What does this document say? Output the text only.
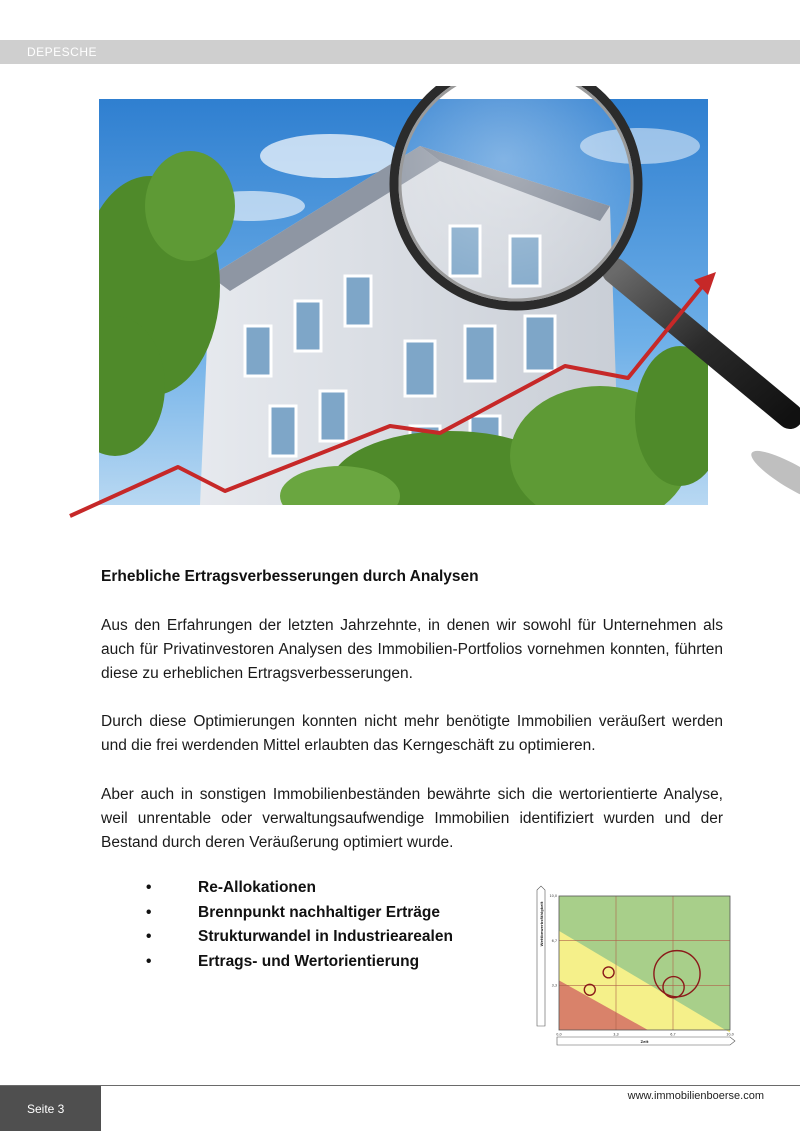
DEPESCHE
Erhebliche Ertragsverbesserungen durch Analysen

Aus den Erfahrungen der letzten Jahrzehnte, in denen wir sowohl für Unternehmen als auch für Privatinvestoren Analysen des Immobilien-Portfolios vornehmen konnten, führten diese zu erheblichen Ertragsverbesserungen.

Durch diese Optimierungen konnten nicht mehr benötigte Immobilien veräußert werden und die frei werdenden Mittel erlaubten das Kerngeschäft zu optimieren.

Aber auch in sonstigen Immobilienbeständen bewährte sich die wertorientierte Analyse, weil unrentable oder verwaltungsaufwendige Immobilien identifiziert wurden und der Bestand durch deren Veräußerung optimiert wurde.

•	Re-Allokationen
•	Brennpunkt nachhaltiger Erträge
•	Strukturwandel in Industriearealen
•	Ertrags- und Wertorientierung
Wettbewerbsfähigkeit
Zeit
0,0	3,3	6,7	10,0
3,3
6,7
10,0
Seite 3
www.immobilienboerse.com
